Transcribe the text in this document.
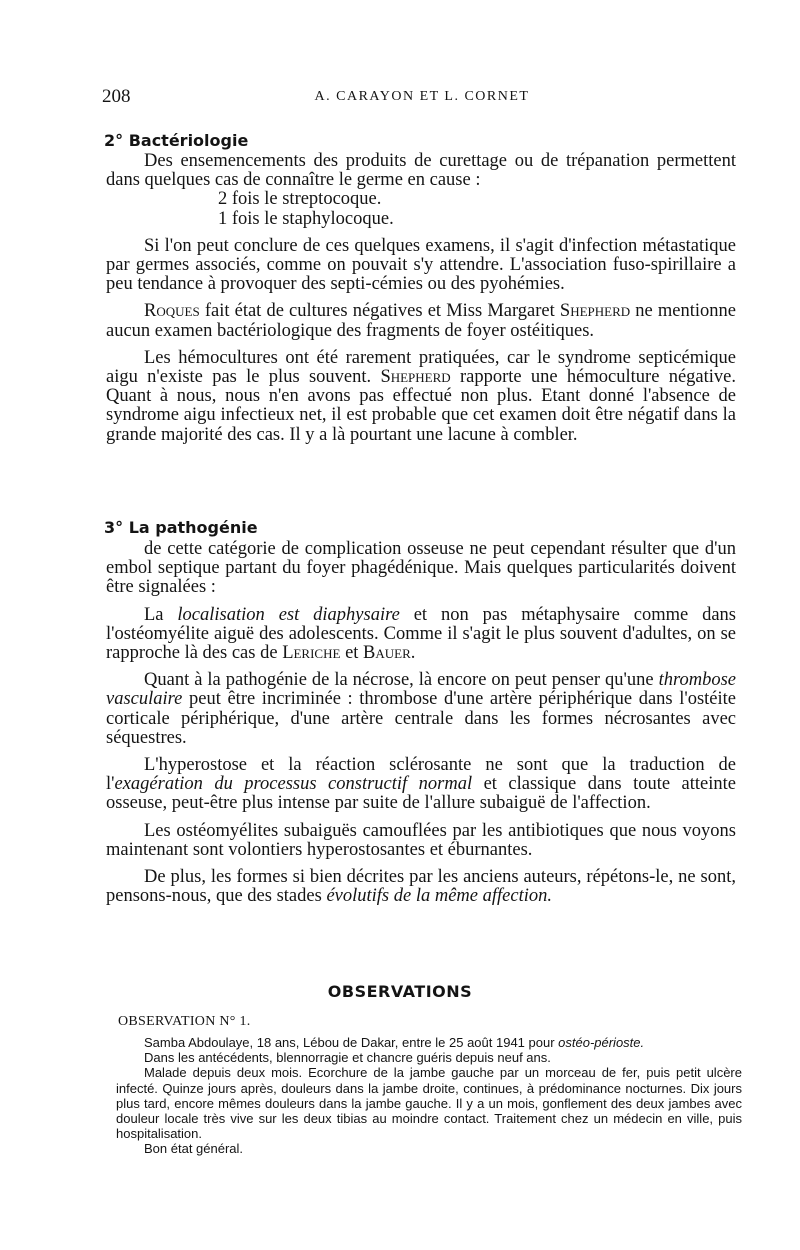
208	A. CARAYON ET L. CORNET
2° Bactériologie

Des ensemencements des produits de curettage ou de trépanation permettent dans quelques cas de connaître le germe en cause :

2 fois le streptocoque.

1 fois le staphylocoque.

Si l'on peut conclure de ces quelques examens, il s'agit d'infection métastatique par germes associés, comme on pouvait s'y attendre. L'association fuso-spirillaire a peu tendance à provoquer des septi-cémies ou des pyohémies.

Roques fait état de cultures négatives et Miss Margaret Shepherd ne mentionne aucun examen bactériologique des fragments de foyer ostéitiques.

Les hémocultures ont été rarement pratiquées, car le syndrome septicémique aigu n'existe pas le plus souvent. Shepherd rapporte une hémoculture négative. Quant à nous, nous n'en avons pas effectué non plus. Etant donné l'absence de syndrome aigu infectieux net, il est probable que cet examen doit être négatif dans la grande majorité des cas. Il y a là pourtant une lacune à combler.

3° La pathogénie

de cette catégorie de complication osseuse ne peut cependant résulter que d'un embol septique partant du foyer phagédénique. Mais quelques particularités doivent être signalées :

La localisation est diaphysaire et non pas métaphysaire comme dans l'ostéomyélite aiguë des adolescents. Comme il s'agit le plus souvent d'adultes, on se rapproche là des cas de Leriche et Bauer.

Quant à la pathogénie de la nécrose, là encore on peut penser qu'une thrombose vasculaire peut être incriminée : thrombose d'une artère périphérique dans l'ostéite corticale périphérique, d'une artère centrale dans les formes nécrosantes avec séquestres.

L'hyperostose et la réaction sclérosante ne sont que la traduction de l'exagération du processus constructif normal et classique dans toute atteinte osseuse, peut-être plus intense par suite de l'allure subaiguë de l'affection.

Les ostéomyélites subaiguës camouflées par les antibiotiques que nous voyons maintenant sont volontiers hyperostosantes et éburnantes.

De plus, les formes si bien décrites par les anciens auteurs, répétons-le, ne sont, pensons-nous, que des stades évolutifs de la même affection.

OBSERVATIONS
OBSERVATION N° 1.

Samba Abdoulaye, 18 ans, Lébou de Dakar, entre le 25 août 1941 pour ostéo-périoste.

Dans les antécédents, blennorragie et chancre guéris depuis neuf ans.

Malade depuis deux mois. Ecorchure de la jambe gauche par un morceau de fer, puis petit ulcère infecté. Quinze jours après, douleurs dans la jambe droite, continues, à prédominance nocturnes. Dix jours plus tard, encore mêmes douleurs dans la jambe gauche. Il y a un mois, gonflement des deux jambes avec douleur locale très vive sur les deux tibias au moindre contact. Traitement chez un médecin en ville, puis hospitalisation.

Bon état général.
